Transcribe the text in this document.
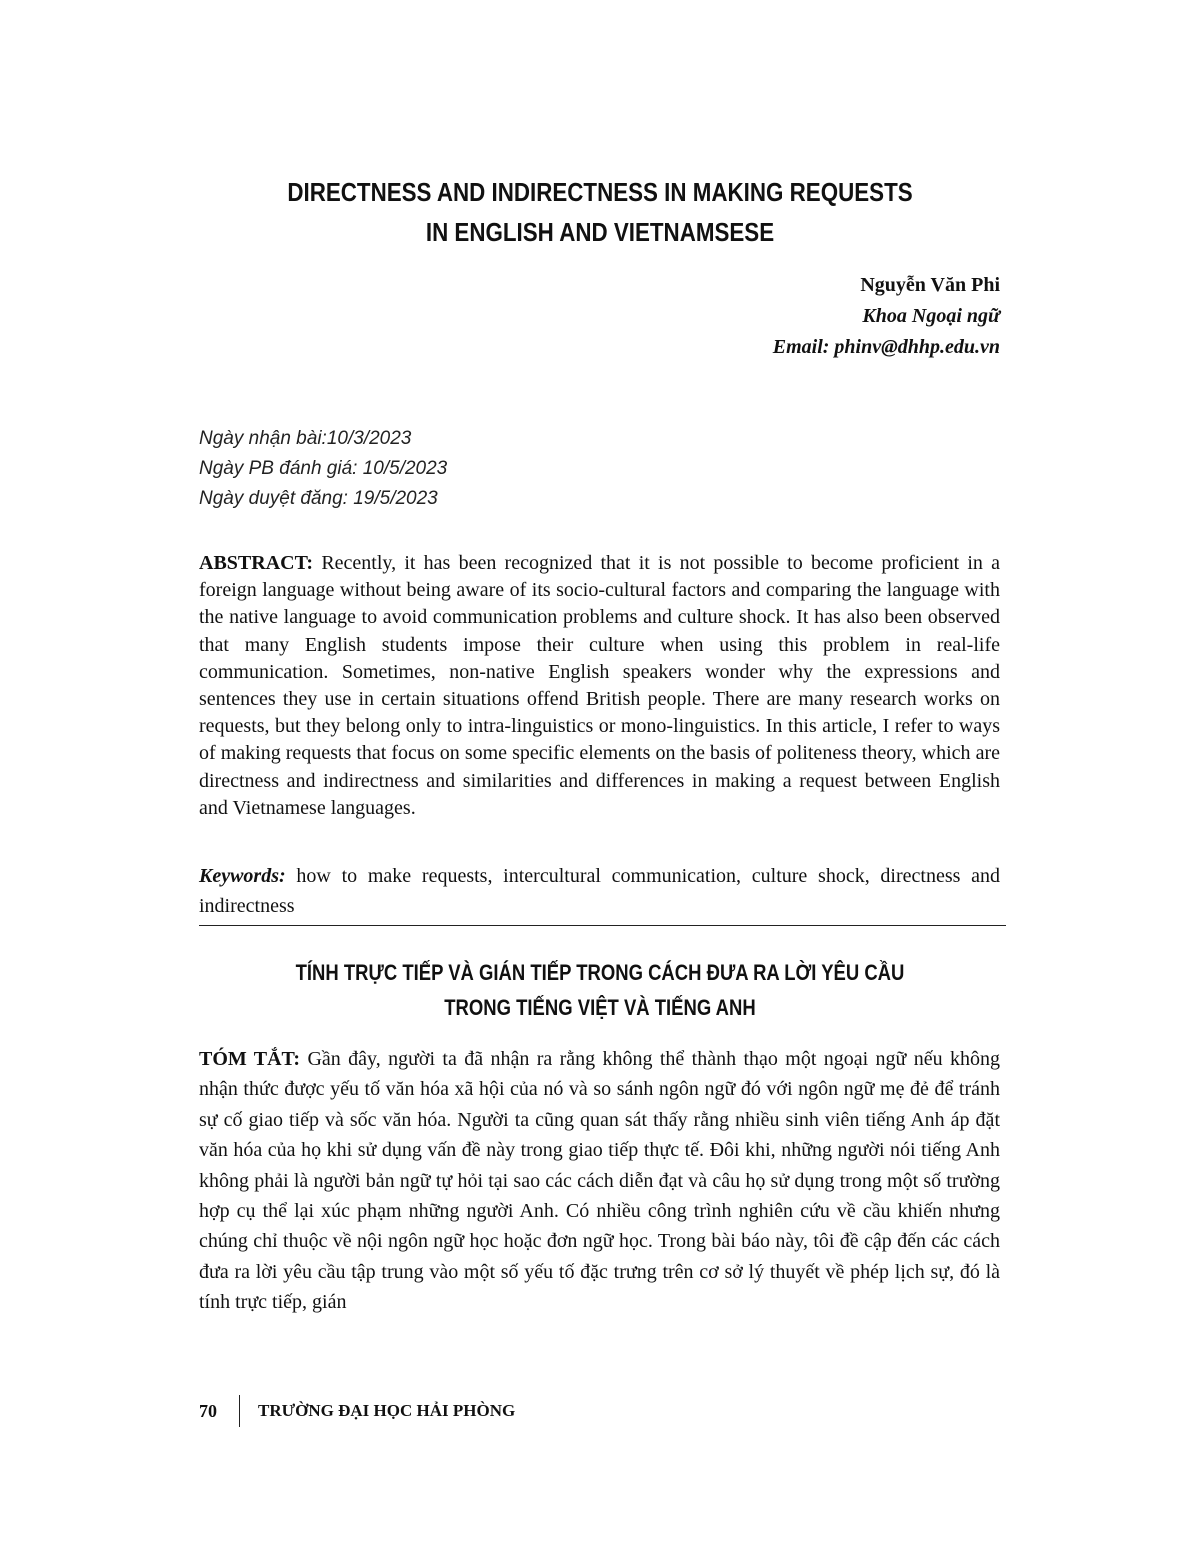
DIRECTNESS AND INDIRECTNESS IN MAKING REQUESTS
IN ENGLISH AND VIETNAMSESE
Nguyễn Văn Phi
Khoa Ngoại ngữ
Email: phinv@dhhp.edu.vn
Ngày nhận bài:10/3/2023
Ngày PB đánh giá: 10/5/2023
Ngày duyệt đăng: 19/5/2023
ABSTRACT: Recently, it has been recognized that it is not possible to become proficient in a foreign language without being aware of its socio-cultural factors and comparing the language with the native language to avoid communication problems and culture shock. It has also been observed that many English students impose their culture when using this problem in real-life communication. Sometimes, non-native English speakers wonder why the expressions and sentences they use in certain situations offend British people. There are many research works on requests, but they belong only to intra-linguistics or mono-linguistics. In this article, I refer to ways of making requests that focus on some specific elements on the basis of politeness theory, which are directness and indirectness and similarities and differences in making a request between English and Vietnamese languages.
Keywords: how to make requests, intercultural communication, culture shock, directness and indirectness
TÍNH TRỰC TIẾP VÀ GIÁN TIẾP TRONG CÁCH ĐƯA RA LỜI YÊU CẦU
TRONG TIẾNG VIỆT VÀ TIẾNG ANH
TÓM TẮT: Gần đây, người ta đã nhận ra rằng không thể thành thạo một ngoại ngữ nếu không nhận thức được yếu tố văn hóa xã hội của nó và so sánh ngôn ngữ đó với ngôn ngữ mẹ đẻ để tránh sự cố giao tiếp và sốc văn hóa. Người ta cũng quan sát thấy rằng nhiều sinh viên tiếng Anh áp đặt văn hóa của họ khi sử dụng vấn đề này trong giao tiếp thực tế. Đôi khi, những người nói tiếng Anh không phải là người bản ngữ tự hỏi tại sao các cách diễn đạt và câu họ sử dụng trong một số trường hợp cụ thể lại xúc phạm những người Anh. Có nhiều công trình nghiên cứu về cầu khiến nhưng chúng chỉ thuộc về nội ngôn ngữ học hoặc đơn ngữ học. Trong bài báo này, tôi đề cập đến các cách đưa ra lời yêu cầu tập trung vào một số yếu tố đặc trưng trên cơ sở lý thuyết về phép lịch sự, đó là tính trực tiếp, gián
70	TRƯỜNG ĐẠI HỌC HẢI PHÒNG
